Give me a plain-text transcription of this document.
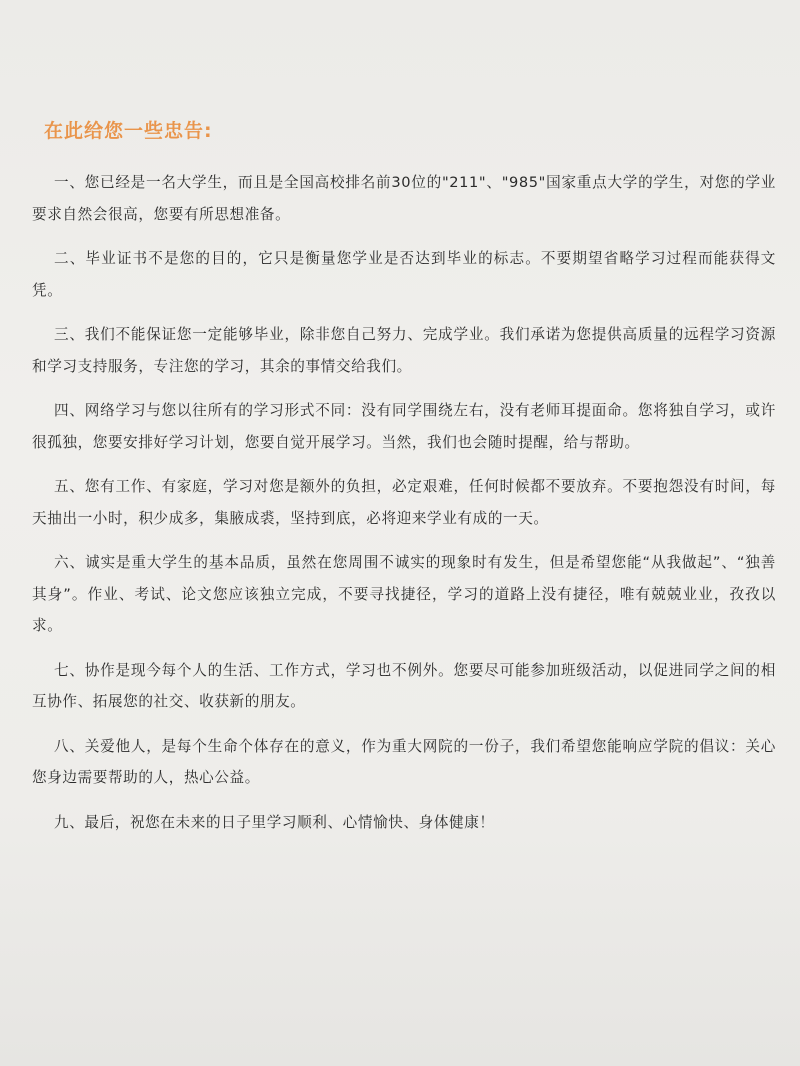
在此给您一些忠告:

一、您已经是一名大学生，而且是全国高校排名前30位的"211"、"985"国家重点大学的学生，对您的学业要求自然会很高，您要有所思想准备。

二、毕业证书不是您的目的，它只是衡量您学业是否达到毕业的标志。不要期望省略学习过程而能获得文凭。

三、我们不能保证您一定能够毕业，除非您自己努力、完成学业。我们承诺为您提供高质量的远程学习资源和学习支持服务，专注您的学习，其余的事情交给我们。

四、网络学习与您以往所有的学习形式不同：没有同学围绕左右，没有老师耳提面命。您将独自学习，或许很孤独，您要安排好学习计划，您要自觉开展学习。当然，我们也会随时提醒，给与帮助。

五、您有工作、有家庭，学习对您是额外的负担，必定艰难，任何时候都不要放弃。不要抱怨没有时间，每天抽出一小时，积少成多，集腋成裘，坚持到底，必将迎来学业有成的一天。

六、诚实是重大学生的基本品质，虽然在您周围不诚实的现象时有发生，但是希望您能“从我做起”、“独善其身”。作业、考试、论文您应该独立完成，不要寻找捷径，学习的道路上没有捷径，唯有兢兢业业，孜孜以求。

七、协作是现今每个人的生活、工作方式，学习也不例外。您要尽可能参加班级活动，以促进同学之间的相互协作、拓展您的社交、收获新的朋友。

八、关爱他人，是每个生命个体存在的意义，作为重大网院的一份子，我们希望您能响应学院的倡议：关心您身边需要帮助的人，热心公益。

九、最后，祝您在未来的日子里学习顺利、心情愉快、身体健康！
